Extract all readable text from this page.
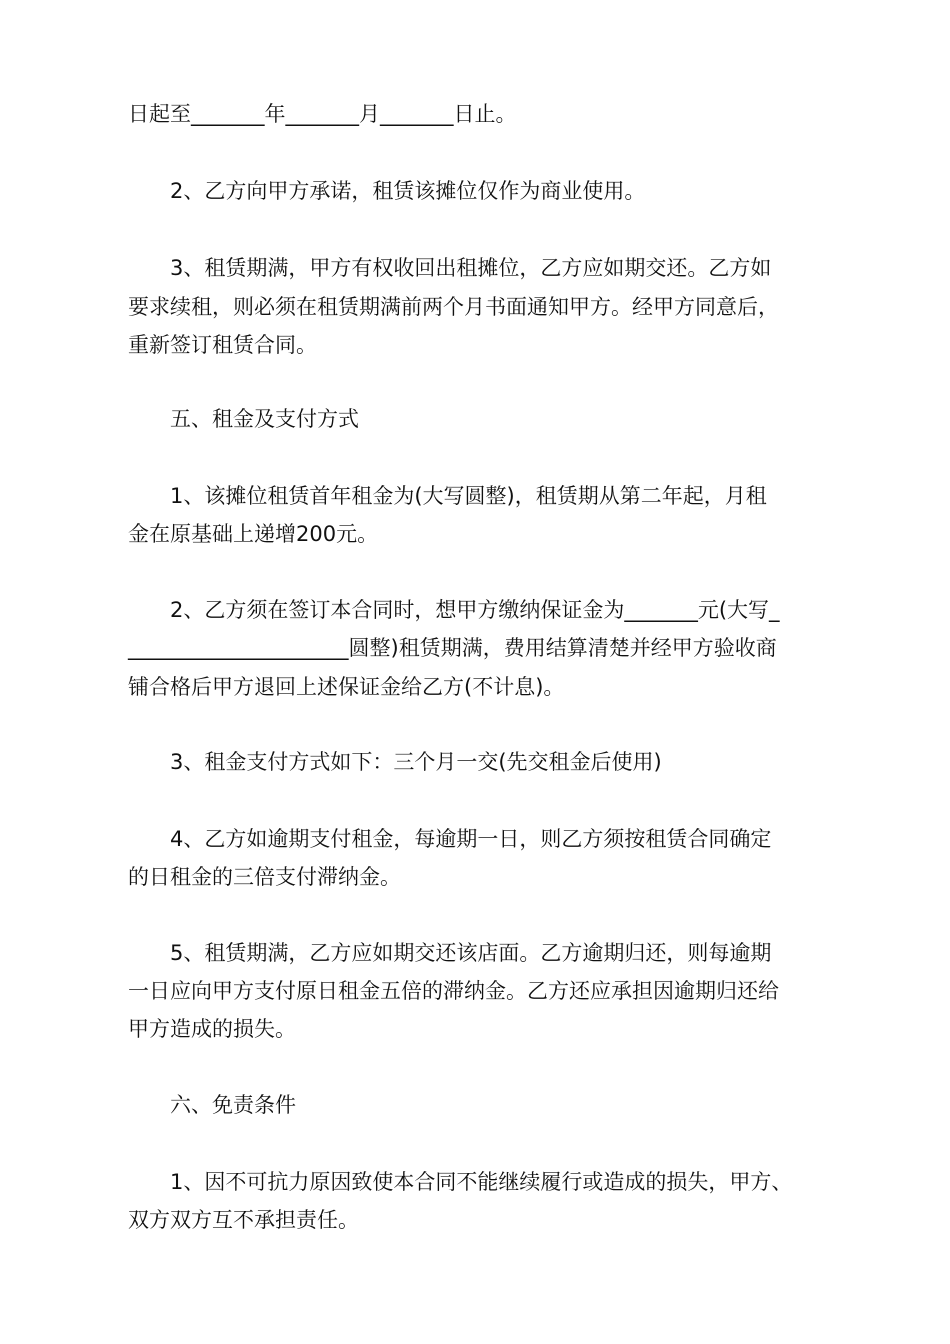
日起至_______年_______月_______日止。
2、乙方向甲方承诺，租赁该摊位仅作为商业使用。
3、租赁期满，甲方有权收回出租摊位，乙方应如期交还。乙方如
要求续租，则必须在租赁期满前两个月书面通知甲方。经甲方同意后，
重新签订租赁合同。
五、租金及支付方式
1、该摊位租赁首年租金为(大写圆整)，租赁期从第二年起，月租
金在原基础上递增200元。
2、乙方须在签订本合同时，想甲方缴纳保证金为_______元(大写_
_____________________圆整)租赁期满，费用结算清楚并经甲方验收商
铺合格后甲方退回上述保证金给乙方(不计息)。
3、租金支付方式如下：三个月一交(先交租金后使用)
4、乙方如逾期支付租金，每逾期一日，则乙方须按租赁合同确定
的日租金的三倍支付滞纳金。
5、租赁期满，乙方应如期交还该店面。乙方逾期归还，则每逾期
一日应向甲方支付原日租金五倍的滞纳金。乙方还应承担因逾期归还给
甲方造成的损失。
六、免责条件
1、因不可抗力原因致使本合同不能继续履行或造成的损失，甲方、
双方双方互不承担责任。
